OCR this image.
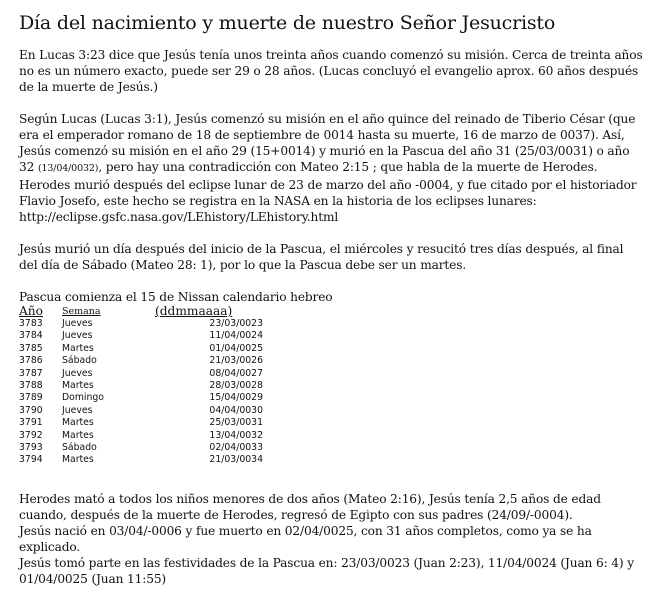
Día del nacimiento y muerte de nuestro Señor Jesucristo

En Lucas 3:23 dice que Jesús tenía unos treinta años cuando comenzó su misión. Cerca de treinta años no es un número exacto, puede ser 29 o 28 años. (Lucas concluyó el evangelio aprox. 60 años después de la muerte de Jesús.)

Según Lucas (Lucas 3:1), Jesús comenzó su misión en el año quince del reinado de Tiberio César (que era el emperador romano de 18 de septiembre de 0014 hasta su muerte, 16 de marzo de 0037). Así, Jesús comenzó su misión en el año 29 (15+0014) y murió en la Pascua del año 31 (25/03/0031) o año 32 (13/04/0032), pero hay una contradicción con Mateo 2:15 ; que habla de la muerte de Herodes. Herodes murió después del eclipse lunar de 23 de marzo del año -0004, y fue citado por el historiador Flavio Josefo, este hecho se registra en la NASA en la historia de los eclipses lunares:
http://eclipse.gsfc.nasa.gov/LEhistory/LEhistory.html

Jesús murió un día después del inicio de la Pascua, el miércoles y resucitó tres días después, al final del día de Sábado (Mateo 28: 1), por lo que la Pascua debe ser un martes.

Pascua comienza el 15 de Nissan calendario hebreo
Año	Semana	(ddmmaaaa)
3783	Jueves	23/03/0023
3784	Jueves	11/04/0024
3785	Martes	01/04/0025
3786	Sábado	21/03/0026
3787	Jueves	08/04/0027
3788	Martes	28/03/0028
3789	Domingo	15/04/0029
3790	Jueves	04/04/0030
3791	Martes	25/03/0031
3792	Martes	13/04/0032
3793	Sábado	02/04/0033
3794	Martes	21/03/0034

Herodes mató a todos los niños menores de dos años (Mateo 2:16), Jesús tenía 2,5 años de edad cuando, después de la muerte de Herodes, regresó de Egipto con sus padres (24/09/-0004).

Jesús nació en 03/04/-0006 y fue muerto en 02/04/0025, con 31 años completos, como ya se ha explicado.

Jesús tomó parte en las festividades de la Pascua en: 23/03/0023 (Juan 2:23), 11/04/0024 (Juan 6: 4) y 01/04/0025 (Juan 11:55)
